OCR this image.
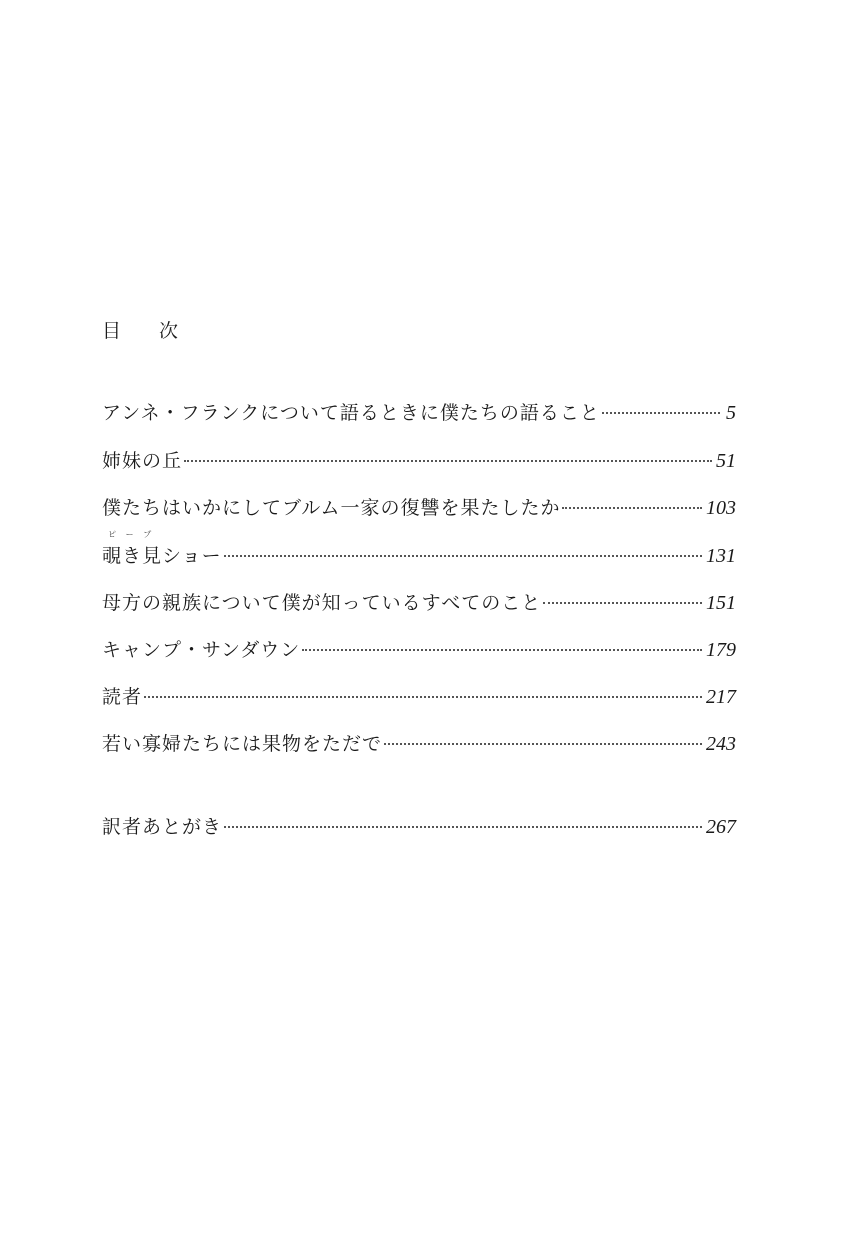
目 次
アンネ・フランクについて語るときに僕たちの語ること	5
姉妹の丘	51
僕たちはいかにしてブルム一家の復讐を果たしたか	103
ピープ
覗き見ショー	131
母方の親族について僕が知っているすべてのこと	151
キャンプ・サンダウン	179
読者	217
若い寡婦たちには果物をただで	243
訳者あとがき	267
